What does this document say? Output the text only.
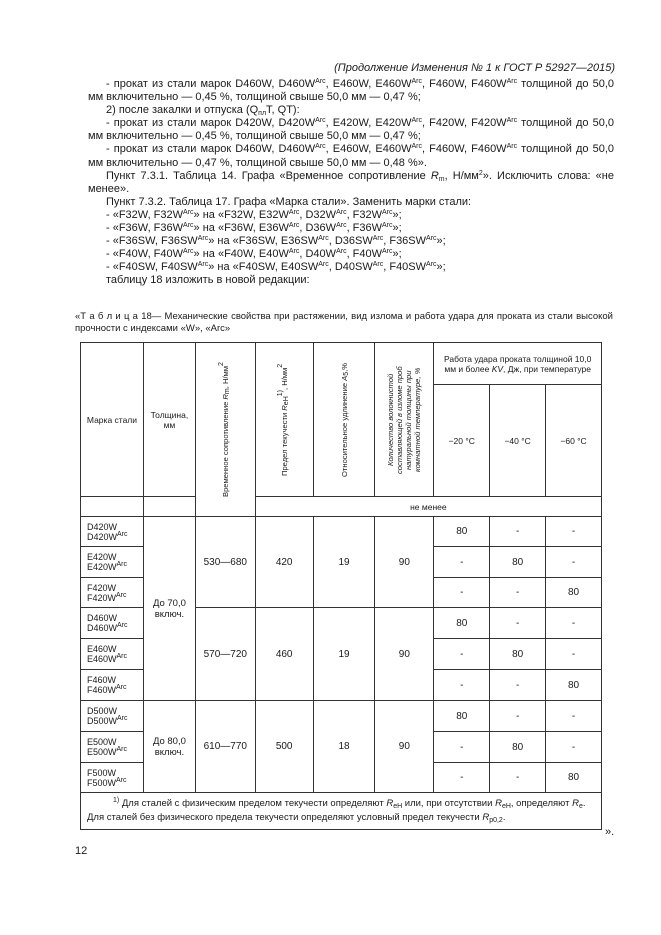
(Продолжение Изменения № 1 к ГОСТ Р 52927—2015)
- прокат из стали марок D460W, $D460W^{Arc}$, E460W, $E460W^{Arc}$, F460W, $F460W^{Arc}$ толщиной до 50,0 мм включительно — 0,45 %, толщиной свыше 50,0 мм — 0,47 %;
2) после закалки и отпуска ($Q_{пл}T$, QT):
- прокат из стали марок D420W, $D420W^{Arc}$, E420W, $E420W^{Arc}$, F420W, $F420W^{Arc}$ толщиной до 50,0 мм включительно — 0,45 %, толщиной свыше 50,0 мм — 0,47 %;
- прокат из стали марок D460W, $D460W^{Arc}$, E460W, $E460W^{Arc}$, F460W, $F460W^{Arc}$ толщиной до 50,0 мм включительно — 0,47 %, толщиной свыше 50,0 мм — 0,48 %».
Пункт 7.3.1. Таблица 14. Графа «Временное сопротивление $R_m$, $Н/мм^2$». Исключить слова: «не менее».
Пункт 7.3.2. Таблица 17. Графа «Марка стали». Заменить марки стали:
- «F32W, $F32W^{Arc}$» на «F32W, $E32W^{Arc}$, $D32W^{Arc}$, $F32W^{Arc}$»;
- «F36W, $F36W^{Arc}$» на «F36W, $E36W^{Arc}$, $D36W^{Arc}$, $F36W^{Arc}$»;
- «F36SW, $F36SW^{Arc}$» на «F36SW, $E36SW^{Arc}$, $D36SW^{Arc}$, $F36SW^{Arc}$»;
- «F40W, $F40W^{Arc}$» на «F40W, $E40W^{Arc}$, $D40W^{Arc}$, $F40W^{Arc}$»;
- «F40SW, $F40SW^{Arc}$» на «F40SW, $E40SW^{Arc}$, $D40SW^{Arc}$, $F40SW^{Arc}$»;
таблицу 18 изложить в новой редакции:
«Т а б л и ц а 18— Механические свойства при растяжении, вид излома и работа удара для проката из стали высокой прочности с индексами «W», «Arc»
Марка стали	Толщина, мм	Временное сопротивление $R_m$, $Н/мм^2$	Предел текучести $R_{eH}^{1)}$, $Н/мм^2$	Относительное удлинение $A_5,\%$	Количество волокнистой составляющей в изломе проб натуральной толщины при комнатной температуре, %	Работа удара проката толщиной 10,0 мм и более KV, Дж, при температуре		
						−20 °С	−40 °С	−60 °С
			не менее					
D420W
$D420W^{Arc}$	До 70,0 включ.	530—680	420	19	90	80	-	-
E420W
$E420W^{Arc}$						-	80	-
F420W
$F420W^{Arc}$						-	-	80
D460W
$D460W^{Arc}$		570—720	460	19	90	80	-	-
E460W
$E460W^{Arc}$						-	80	-
F460W
$F460W^{Arc}$						-	-	80
D500W
$D500W^{Arc}$	До 80,0 включ.	610—770	500	18	90	80	-	-
E500W
$E500W^{Arc}$						-	80	-
F500W
$F500W^{Arc}$						-	-	80
$^{1)}$ Для сталей с физическим пределом текучести определяют $R_{eH}$ или, при отсутствии $R_{eH}$, определяют $R_e$. Для сталей без физического предела текучести определяют условный предел текучести $R_{p0,2}$.								
».
12
